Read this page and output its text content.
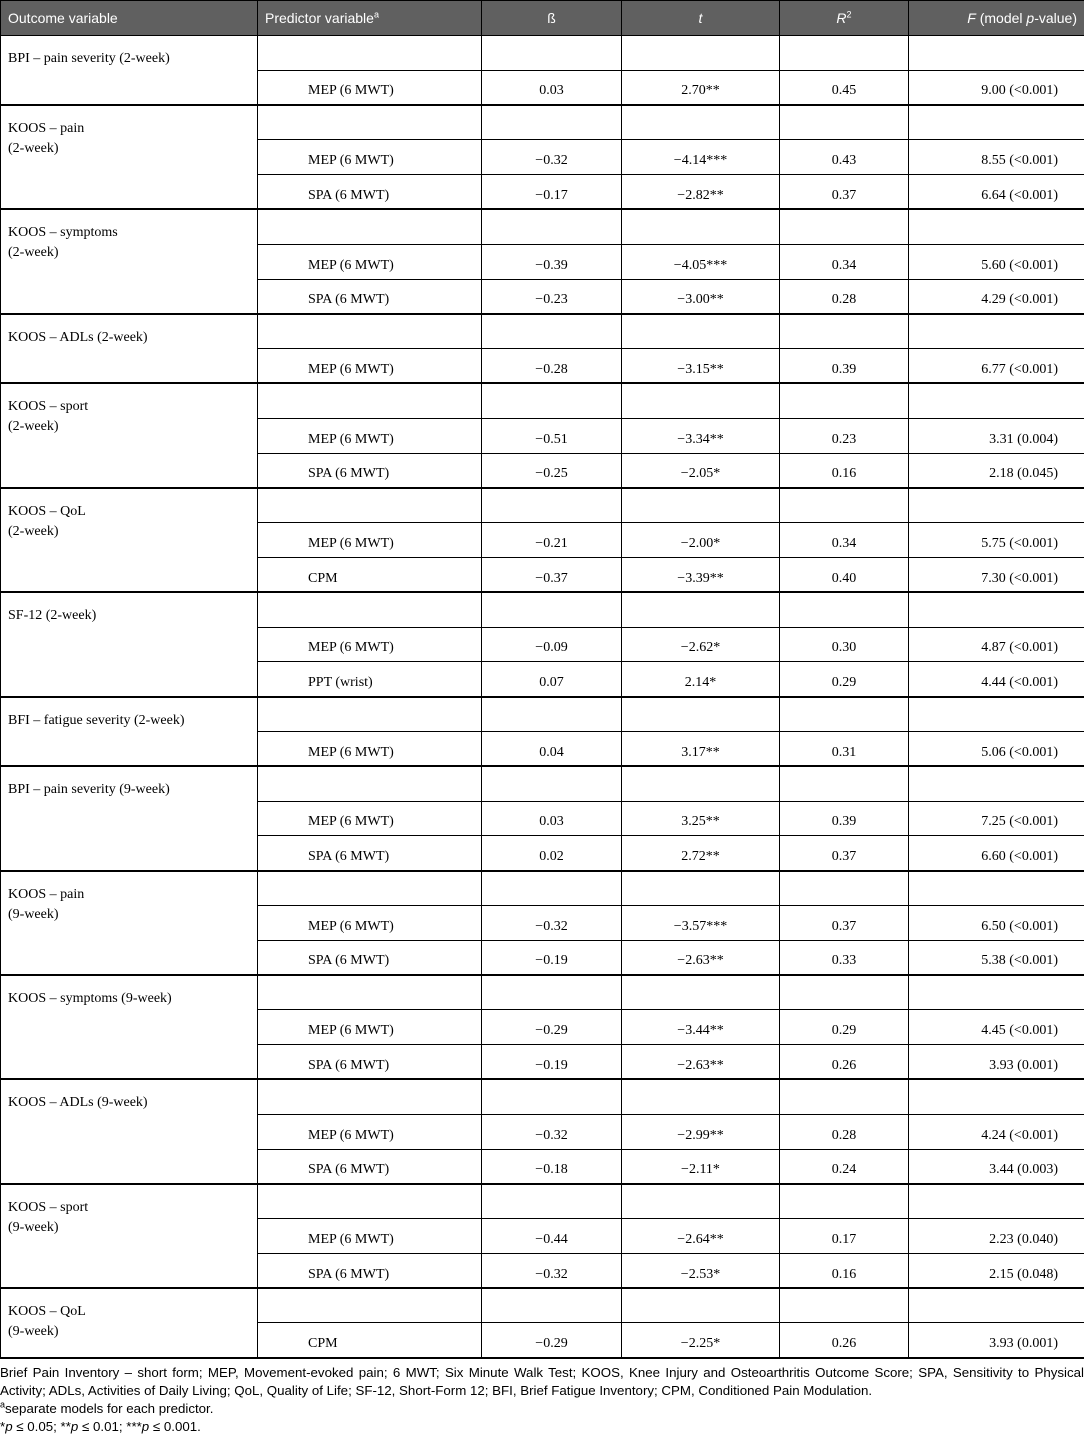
Outcome variable	Predictor variable$^a$	ß	t	$R^2$	F (model p-value)

BPI – pain severity (2-week)					

	MEP (6 MWT)	0.03	2.70**	0.45	9.00 (<0.001)

KOOS – pain
(2-week)					

	MEP (6 MWT)	−0.32	−4.14***	0.43	8.55 (<0.001)
	SPA (6 MWT)	−0.17	−2.82**	0.37	6.64 (<0.001)

KOOS – symptoms
(2-week)					

	MEP (6 MWT)	−0.39	−4.05***	0.34	5.60 (<0.001)
	SPA (6 MWT)	−0.23	−3.00**	0.28	4.29 (<0.001)

KOOS – ADLs (2-week)					

	MEP (6 MWT)	−0.28	−3.15**	0.39	6.77 (<0.001)

KOOS – sport
(2-week)					

	MEP (6 MWT)	−0.51	−3.34**	0.23	3.31 (0.004)
	SPA (6 MWT)	−0.25	−2.05*	0.16	2.18 (0.045)

KOOS – QoL
(2-week)					

	MEP (6 MWT)	−0.21	−2.00*	0.34	5.75 (<0.001)
	CPM	−0.37	−3.39**	0.40	7.30 (<0.001)

SF-12 (2-week)					

	MEP (6 MWT)	−0.09	−2.62*	0.30	4.87 (<0.001)
	PPT (wrist)	0.07	2.14*	0.29	4.44 (<0.001)

BFI – fatigue severity (2-week)					

	MEP (6 MWT)	0.04	3.17**	0.31	5.06 (<0.001)

BPI – pain severity (9-week)					

	MEP (6 MWT)	0.03	3.25**	0.39	7.25 (<0.001)
	SPA (6 MWT)	0.02	2.72**	0.37	6.60 (<0.001)

KOOS – pain
(9-week)					

	MEP (6 MWT)	−0.32	−3.57***	0.37	6.50 (<0.001)
	SPA (6 MWT)	−0.19	−2.63**	0.33	5.38 (<0.001)

KOOS – symptoms (9-week)					

	MEP (6 MWT)	−0.29	−3.44**	0.29	4.45 (<0.001)
	SPA (6 MWT)	−0.19	−2.63**	0.26	3.93 (0.001)

KOOS – ADLs (9-week)					

	MEP (6 MWT)	−0.32	−2.99**	0.28	4.24 (<0.001)
	SPA (6 MWT)	−0.18	−2.11*	0.24	3.44 (0.003)

KOOS – sport
(9-week)					

	MEP (6 MWT)	−0.44	−2.64**	0.17	2.23 (0.040)
	SPA (6 MWT)	−0.32	−2.53*	0.16	2.15 (0.048)

KOOS – QoL
(9-week)					

	CPM	−0.29	−2.25*	0.26	3.93 (0.001)

Brief Pain Inventory – short form; MEP, Movement-evoked pain; 6 MWT; Six Minute Walk Test; KOOS, Knee Injury and Osteoarthritis Outcome Score; SPA, Sensitivity to Physical Activity; ADLs, Activities of Daily Living; QoL, Quality of Life; SF-12, Short-Form 12; BFI, Brief Fatigue Inventory; CPM, Conditioned Pain Modulation.

$^a$separate models for each predictor.

*p ≤ 0.05; **p ≤ 0.01; ***p ≤ 0.001.
